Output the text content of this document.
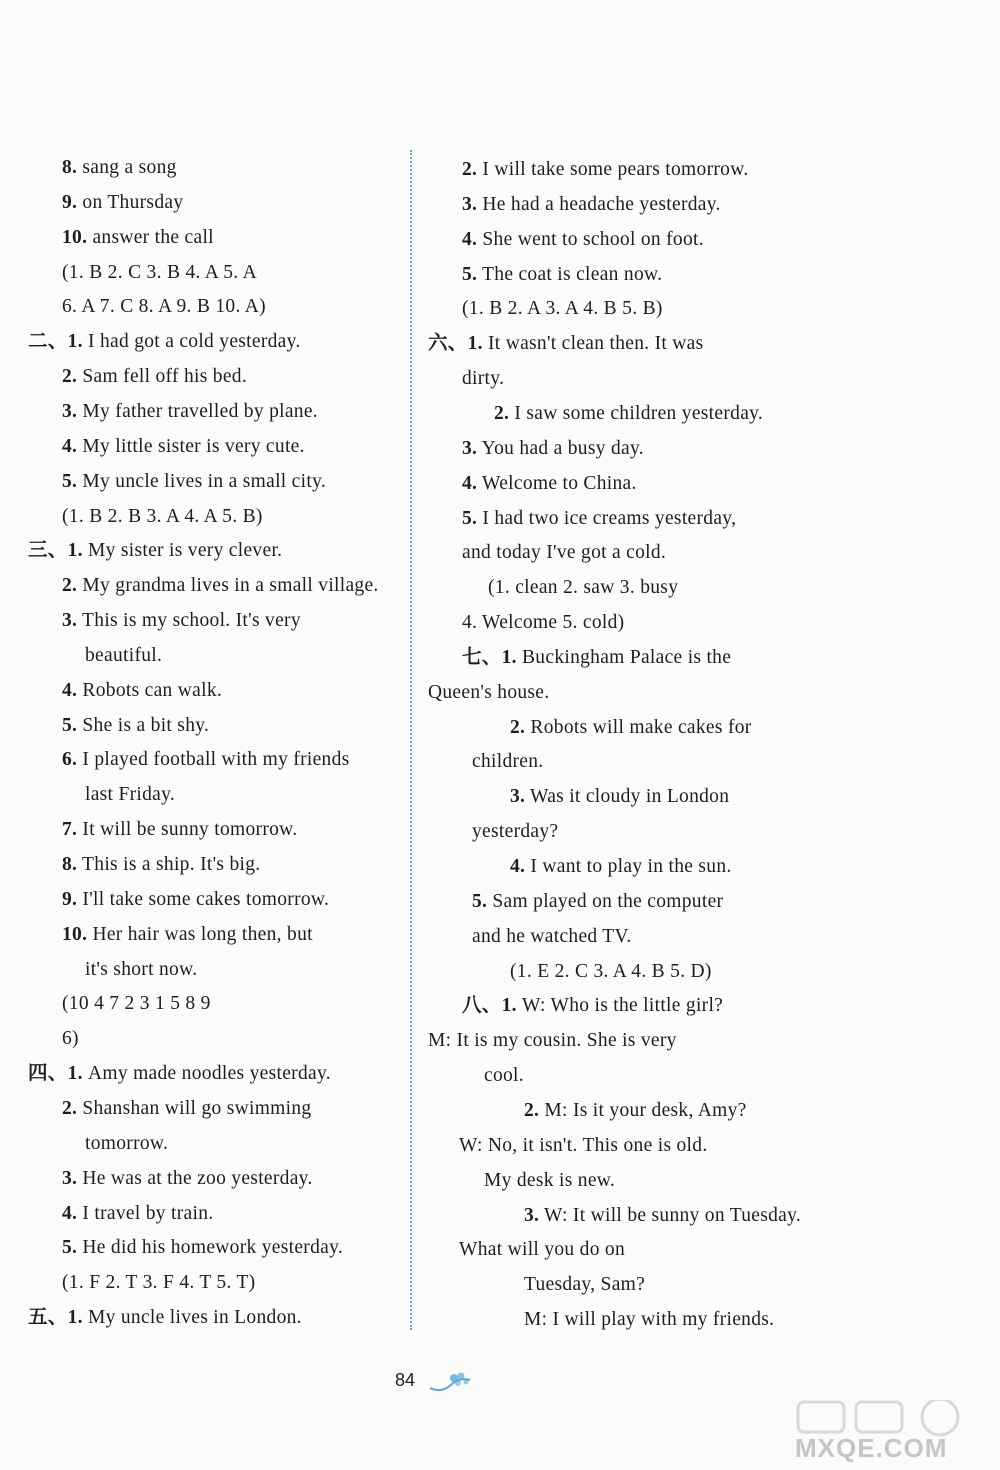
8. sang a song
9. on Thursday
10. answer the call
(1. B 2. C 3. B 4. A 5. A
6. A 7. C 8. A 9. B 10. A)
二、1. I had got a cold yesterday.
2. Sam fell off his bed.
3. My father travelled by plane.
4. My little sister is very cute.
5. My uncle lives in a small city.
(1. B 2. B 3. A 4. A 5. B)
三、1. My sister is very clever.
2. My grandma lives in a small village.
3. This is my school. It's very
beautiful.
4. Robots can walk.
5. She is a bit shy.
6. I played football with my friends
last Friday.
7. It will be sunny tomorrow.
8. This is a ship. It's big.
9. I'll take some cakes tomorrow.
10. Her hair was long then, but
it's short now.
(10 4 7 2 3 1 5 8 9
6)
四、1. Amy made noodles yesterday.
2. Shanshan will go swimming
tomorrow.
3. He was at the zoo yesterday.
4. I travel by train.
5. He did his homework yesterday.
(1. F 2. T 3. F 4. T 5. T)
五、1. My uncle lives in London.
2. I will take some pears tomorrow.
3. He had a headache yesterday.
4. She went to school on foot.
5. The coat is clean now.
(1. B 2. A 3. A 4. B 5. B)
六、1. It wasn't clean then. It was
dirty.
2. I saw some children yesterday.
3. You had a busy day.
4. Welcome to China.
5. I had two ice creams yesterday,
and today I've got a cold.
(1. clean 2. saw 3. busy
4. Welcome 5. cold)
七、1. Buckingham Palace is the
Queen's house.
2. Robots will make cakes for
children.
3. Was it cloudy in London
yesterday?
4. I want to play in the sun.
5. Sam played on the computer
and he watched TV.
(1. E 2. C 3. A 4. B 5. D)
八、1. W: Who is the little girl?
M: It is my cousin. She is very
cool.
2. M: Is it your desk, Amy?
W: No, it isn't. This one is old.
My desk is new.
3. W: It will be sunny on Tuesday.
What will you do on
Tuesday, Sam?
M: I will play with my friends.
84
MXQE.COM
